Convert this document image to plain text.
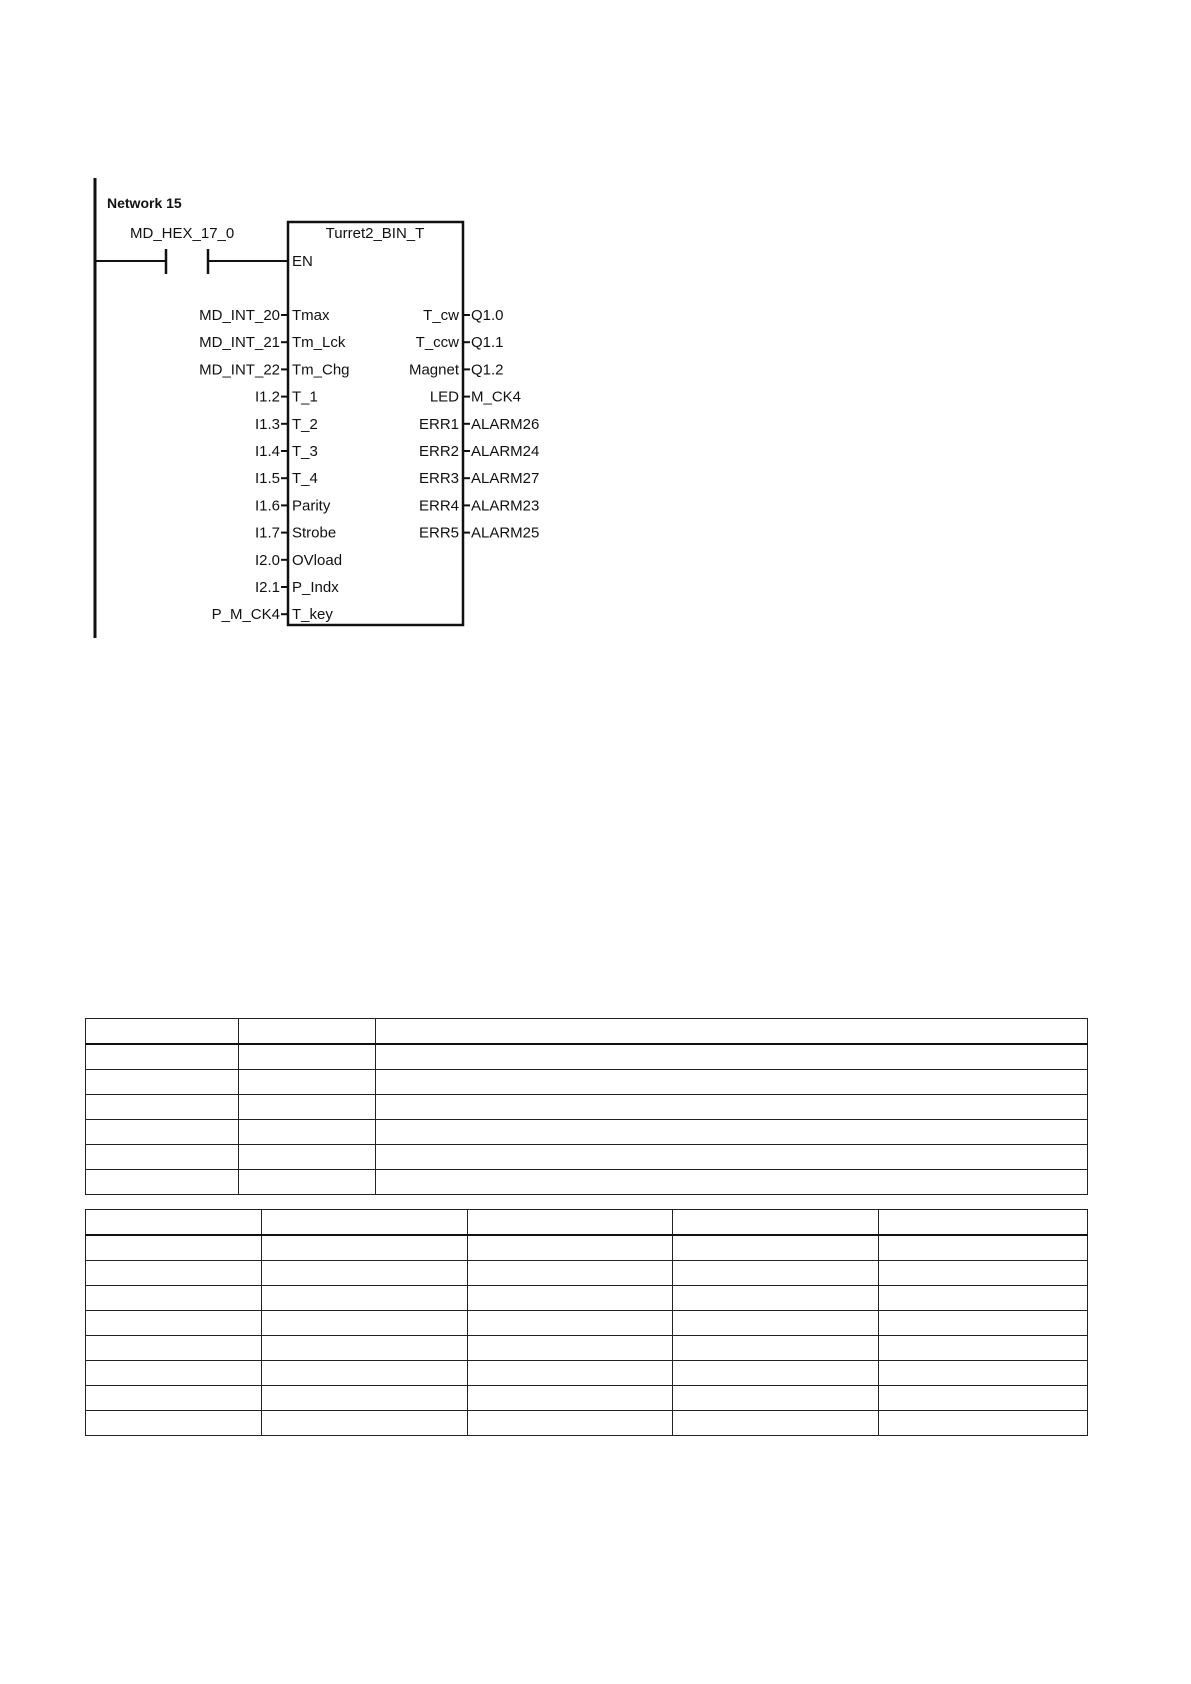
Network 15
MD_HEX_17_0	Turret2_BIN_T
EN
MD_INT_20 Tmax
MD_INT_21 Tm_Lck
MD_INT_22 Tm_Chg
I1.2 T_1
I1.3 T_2
I1.4 T_3
I1.5 T_4
I1.6 Parity
I1.7 Strobe
I2.0 OVload
I2.1 P_Indx
P_M_CK4 T_key
T_cw Q1.0
T_ccw Q1.1
Magnet Q1.2
LED M_CK4
ERR1 ALARM26
ERR2 ALARM24
ERR3 ALARM27
ERR4 ALARM23
ERR5 ALARM25
